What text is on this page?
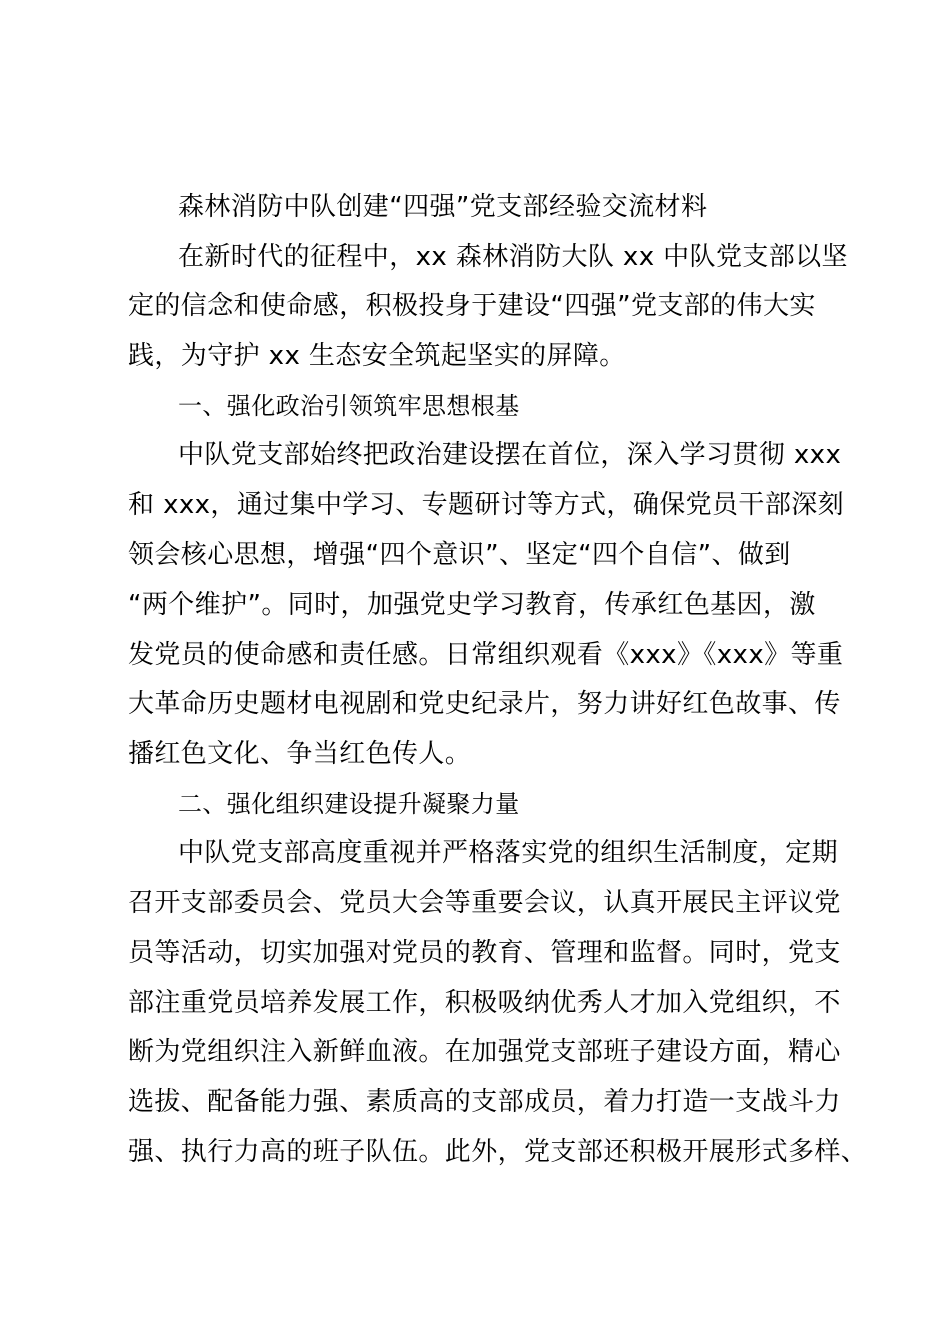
森林消防中队创建“四强”党支部经验交流材料
在新时代的征程中，xx 森林消防大队 xx 中队党支部以坚
定的信念和使命感，积极投身于建设“四强”党支部的伟大实
践，为守护 xx 生态安全筑起坚实的屏障。
一、强化政治引领筑牢思想根基
中队党支部始终把政治建设摆在首位，深入学习贯彻 xxx
和 xxx，通过集中学习、专题研讨等方式，确保党员干部深刻
领会核心思想，增强“四个意识”、坚定“四个自信”、做到
“两个维护”。同时，加强党史学习教育，传承红色基因，激
发党员的使命感和责任感。日常组织观看《xxx》《xxx》等重
大革命历史题材电视剧和党史纪录片，努力讲好红色故事、传
播红色文化、争当红色传人。
二、强化组织建设提升凝聚力量
中队党支部高度重视并严格落实党的组织生活制度，定期
召开支部委员会、党员大会等重要会议，认真开展民主评议党
员等活动，切实加强对党员的教育、管理和监督。同时，党支
部注重党员培养发展工作，积极吸纳优秀人才加入党组织，不
断为党组织注入新鲜血液。在加强党支部班子建设方面，精心
选拔、配备能力强、素质高的支部成员，着力打造一支战斗力
强、执行力高的班子队伍。此外，党支部还积极开展形式多样、
